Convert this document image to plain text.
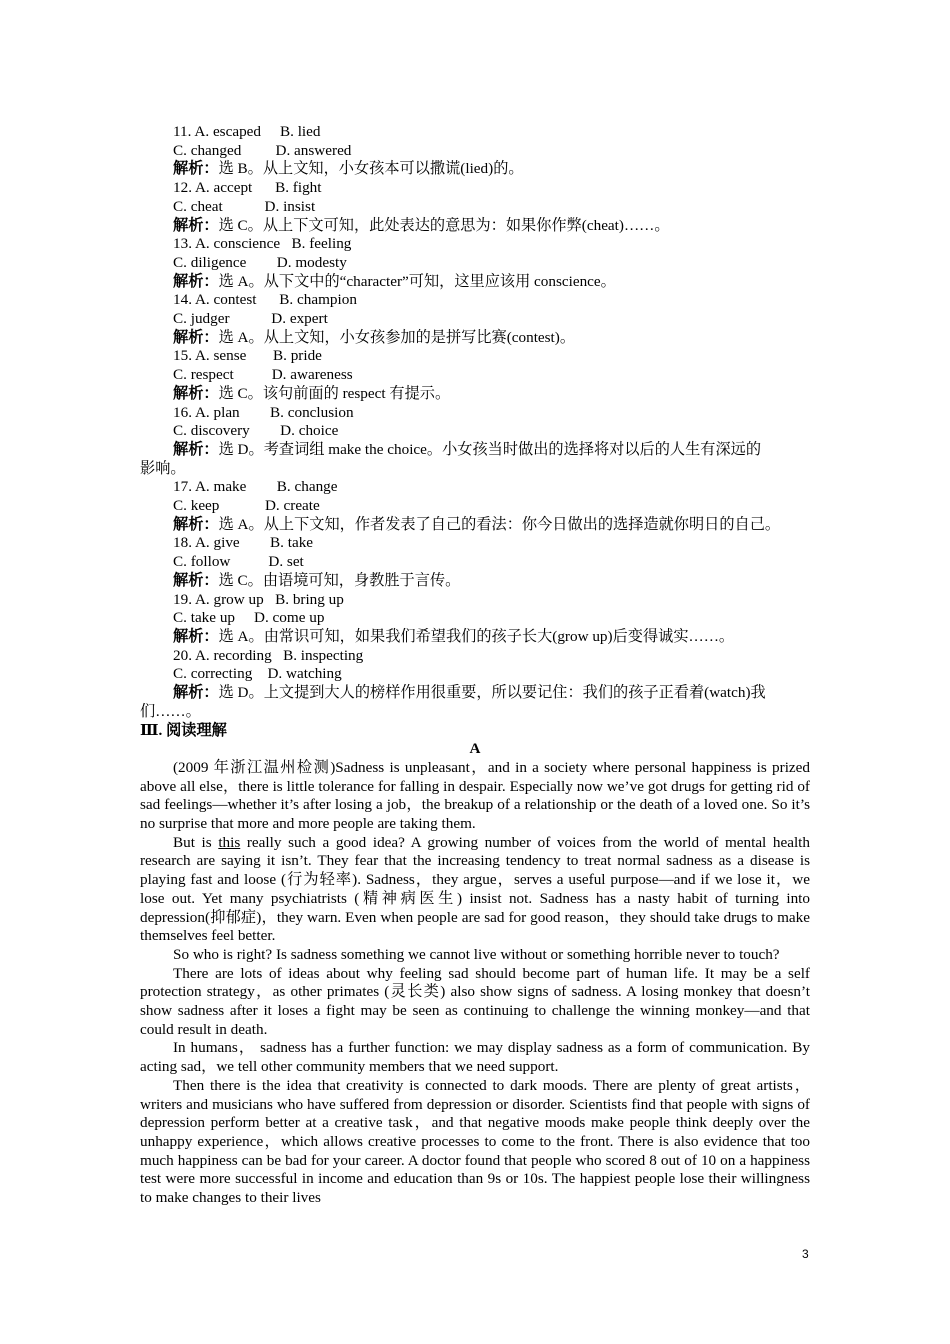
11. A. escaped     B. lied
C. changed         D. answered
解析：选 B。从上文知，小女孩本可以撒谎(lied)的。
12. A. accept      B. fight
C. cheat           D. insist
解析：选 C。从上下文可知，此处表达的意思为：如果你作弊(cheat)……。
13. A. conscience   B. feeling
C. diligence        D. modesty
解析：选 A。从下文中的“character”可知，这里应该用 conscience。
14. A. contest      B. champion
C. judger           D. expert
解析：选 A。从上文知，小女孩参加的是拼写比赛(contest)。
15. A. sense       B. pride
C. respect          D. awareness
解析：选 C。该句前面的 respect 有提示。
16. A. plan        B. conclusion
C. discovery        D. choice
解析：选 D。考查词组 make the choice。小女孩当时做出的选择将对以后的人生有深远的
影响。
17. A. make        B. change
C. keep            D. create
解析：选 A。从上下文知，作者发表了自己的看法：你今日做出的选择造就你明日的自己。
18. A. give        B. take
C. follow          D. set
解析：选 C。由语境可知，身教胜于言传。
19. A. grow up   B. bring up
C. take up     D. come up
解析：选 A。由常识可知，如果我们希望我们的孩子长大(grow up)后变得诚实……。
20. A. recording   B. inspecting
C. correcting    D. watching
解析：选 D。上文提到大人的榜样作用很重要，所以要记住：我们的孩子正看着(watch)我
们……。
Ⅲ. 阅读理解
A

(2009 年浙江温州检测)Sadness is unpleasant，and in a society where personal happiness is prized above all else，there is little tolerance for falling in despair. Especially now we’ve got drugs for getting rid of sad feelings—whether it’s after losing a job，the breakup of a relationship or the death of a loved one. So it’s no surprise that more and more people are taking them.

But is this really such a good idea? A growing number of voices from the world of mental health research are saying it isn’t. They fear that the increasing tendency to treat normal sadness as a disease is playing fast and loose (行为轻率). Sadness，they argue，serves a useful purpose—and if we lose it，we lose out. Yet many psychiatrists (精神病医生) insist not. Sadness has a nasty habit of turning into depression(抑郁症)，they warn. Even when people are sad for good reason，they should take drugs to make themselves feel better.

So who is right? Is sadness something we cannot live without or something horrible never to touch?

There are lots of ideas about why feeling sad should become part of human life. It may be a self　protection strategy，as other primates (灵长类) also show signs of sadness. A losing monkey that doesn’t show sadness after it loses a fight may be seen as continuing to challenge the winning monkey—and that could result in death.

In humans， sadness has a further function: we may display sadness as a form of communication. By acting sad，we tell other community members that we need support.

Then there is the idea that creativity is connected to dark moods. There are plenty of great artists，writers and musicians who have suffered from depression or disorder. Scientists find that people with signs of depression perform better at a creative task，and that negative moods make people think deeply over the unhappy experience，which allows creative processes to come to the front. There is also evidence that too much happiness can be bad for your career. A doctor found that people who scored 8 out of 10 on a happiness test were more successful in income and education than 9s or 10s. The happiest people lose their willingness to make changes to their lives

3
